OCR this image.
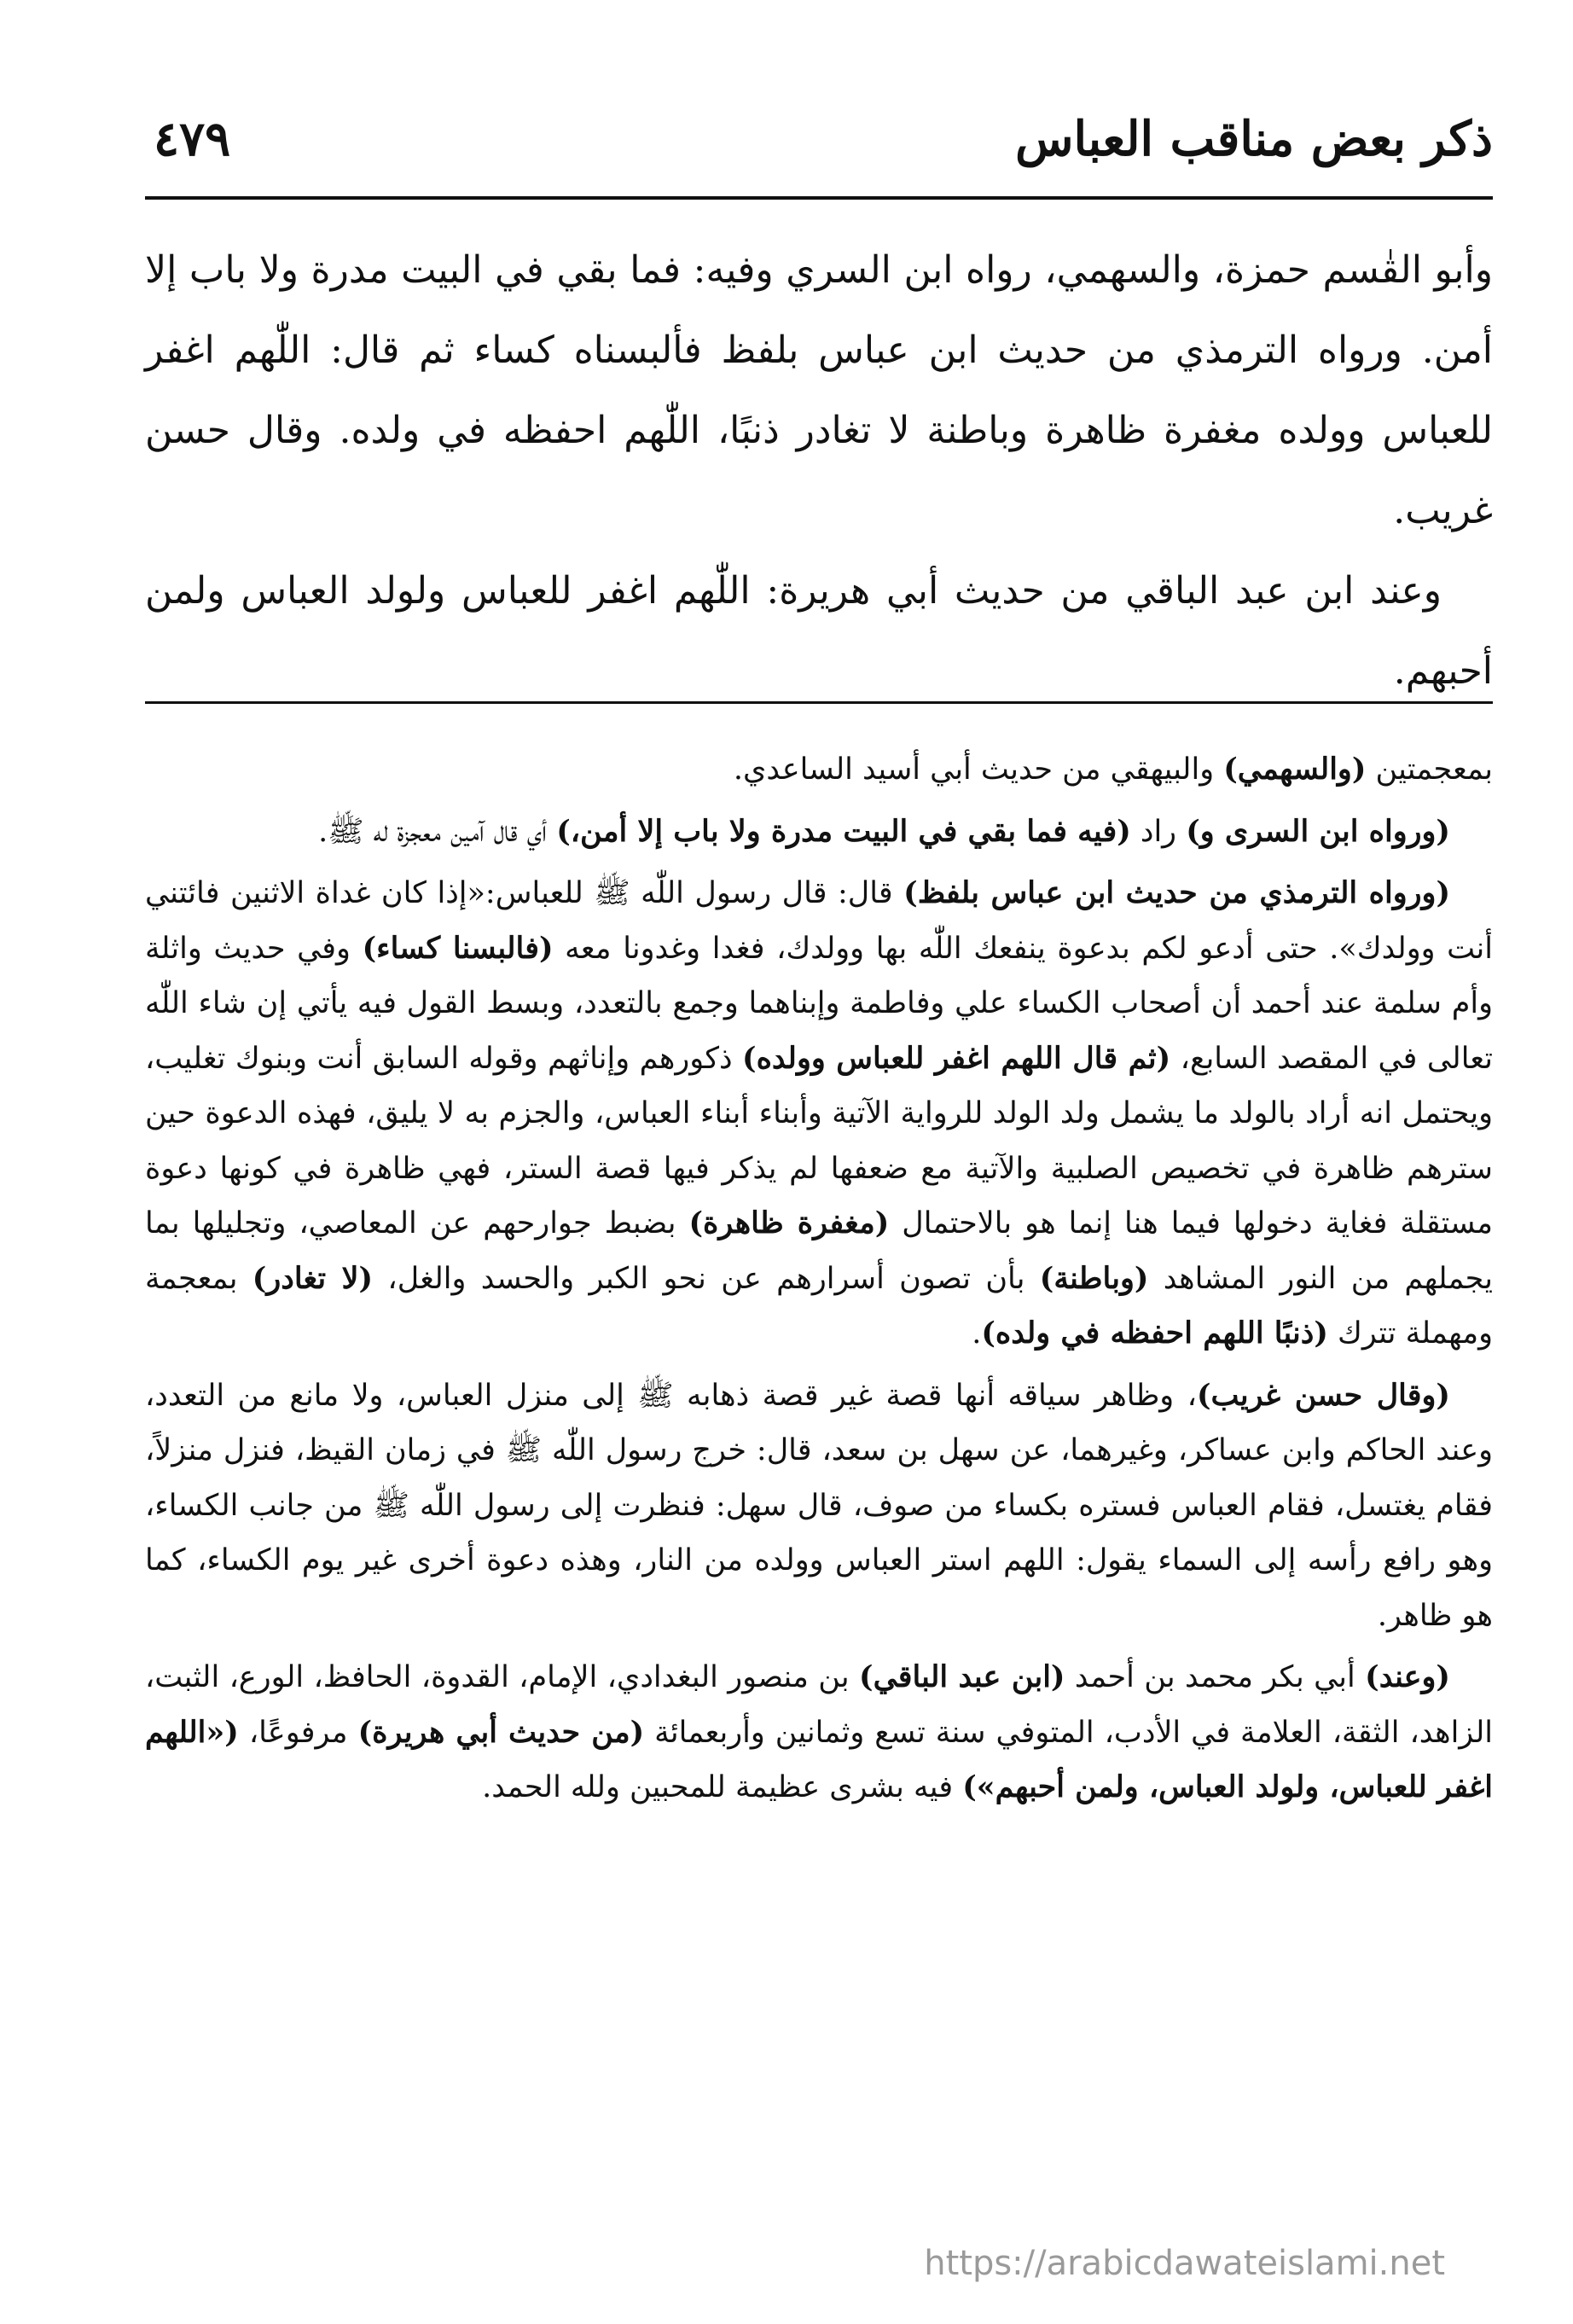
ذكر بعض مناقب العباس
٤٧٩

وأبو القٰسم حمزة، والسهمي، رواه ابن السري وفيه: فما بقي في البيت مدرة ولا باب إلا أمن. ورواه الترمذي من حديث ابن عباس بلفظ فألبسناه كساء ثم قال: اللّٰهم اغفر للعباس وولده مغفرة ظاهرة وباطنة لا تغادر ذنبًا، اللّٰهم احفظه في ولده. وقال حسن غريب.

وعند ابن عبد الباقي من حديث أبي هريرة: اللّٰهم اغفر للعباس ولولد العباس ولمن أحبهم.

بمعجمتين (والسهمي) والبيهقي من حديث أبي أسيد الساعدي.

(ورواه ابن السرى و) راد (فيه فما بقي في البيت مدرة ولا باب إلا أمن،) أي قال آمين معجزة له ﷺ.

(ورواه الترمذي من حديث ابن عباس بلفظ) قال: قال رسول اللّٰه ﷺ للعباس:«إذا كان غداة الاثنين فائتني أنت وولدك». حتى أدعو لكم بدعوة ينفعك اللّٰه بها وولدك، فغدا وغدونا معه (فالبسنا كساء) وفي حديث واثلة وأم سلمة عند أحمد أن أصحاب الكساء علي وفاطمة وإبناهما وجمع بالتعدد، وبسط القول فيه يأتي إن شاء اللّٰه تعالى في المقصد السابع، (ثم قال اللهم اغفر للعباس وولده) ذكورهم وإناثهم وقوله السابق أنت وبنوك تغليب، ويحتمل انه أراد بالولد ما يشمل ولد الولد للرواية الآتية وأبناء أبناء العباس، والجزم به لا يليق، فهذه الدعوة حين سترهم ظاهرة في تخصيص الصلبية والآتية مع ضعفها لم يذكر فيها قصة الستر، فهي ظاهرة في كونها دعوة مستقلة فغاية دخولها فيما هنا إنما هو بالاحتمال (مغفرة ظاهرة) بضبط جوارحهم عن المعاصي، وتجليلها بما يجملهم من النور المشاهد (وباطنة) بأن تصون أسرارهم عن نحو الكبر والحسد والغل، (لا تغادر) بمعجمة ومهملة تترك (ذنبًا اللهم احفظه في ولده).

(وقال حسن غريب)، وظاهر سياقه أنها قصة غير قصة ذهابه ﷺ إلى منزل العباس، ولا مانع من التعدد، وعند الحاكم وابن عساكر، وغيرهما، عن سهل بن سعد، قال: خرج رسول اللّٰه ﷺ في زمان القيظ، فنزل منزلاً، فقام يغتسل، فقام العباس فستره بكساء من صوف، قال سهل: فنظرت إلى رسول اللّٰه ﷺ من جانب الكساء، وهو رافع رأسه إلى السماء يقول: اللهم استر العباس وولده من النار، وهذه دعوة أخرى غير يوم الكساء، كما هو ظاهر.

(وعند) أبي بكر محمد بن أحمد (ابن عبد الباقي) بن منصور البغدادي، الإمام، القدوة، الحافظ، الورع، الثبت، الزاهد، الثقة، العلامة في الأدب، المتوفي سنة تسع وثمانين وأربعمائة (من حديث أبي هريرة) مرفوعًا، («اللهم اغفر للعباس، ولولد العباس، ولمن أحبهم») فيه بشرى عظيمة للمحبين ولله الحمد.

https://arabicdawateislami.net
